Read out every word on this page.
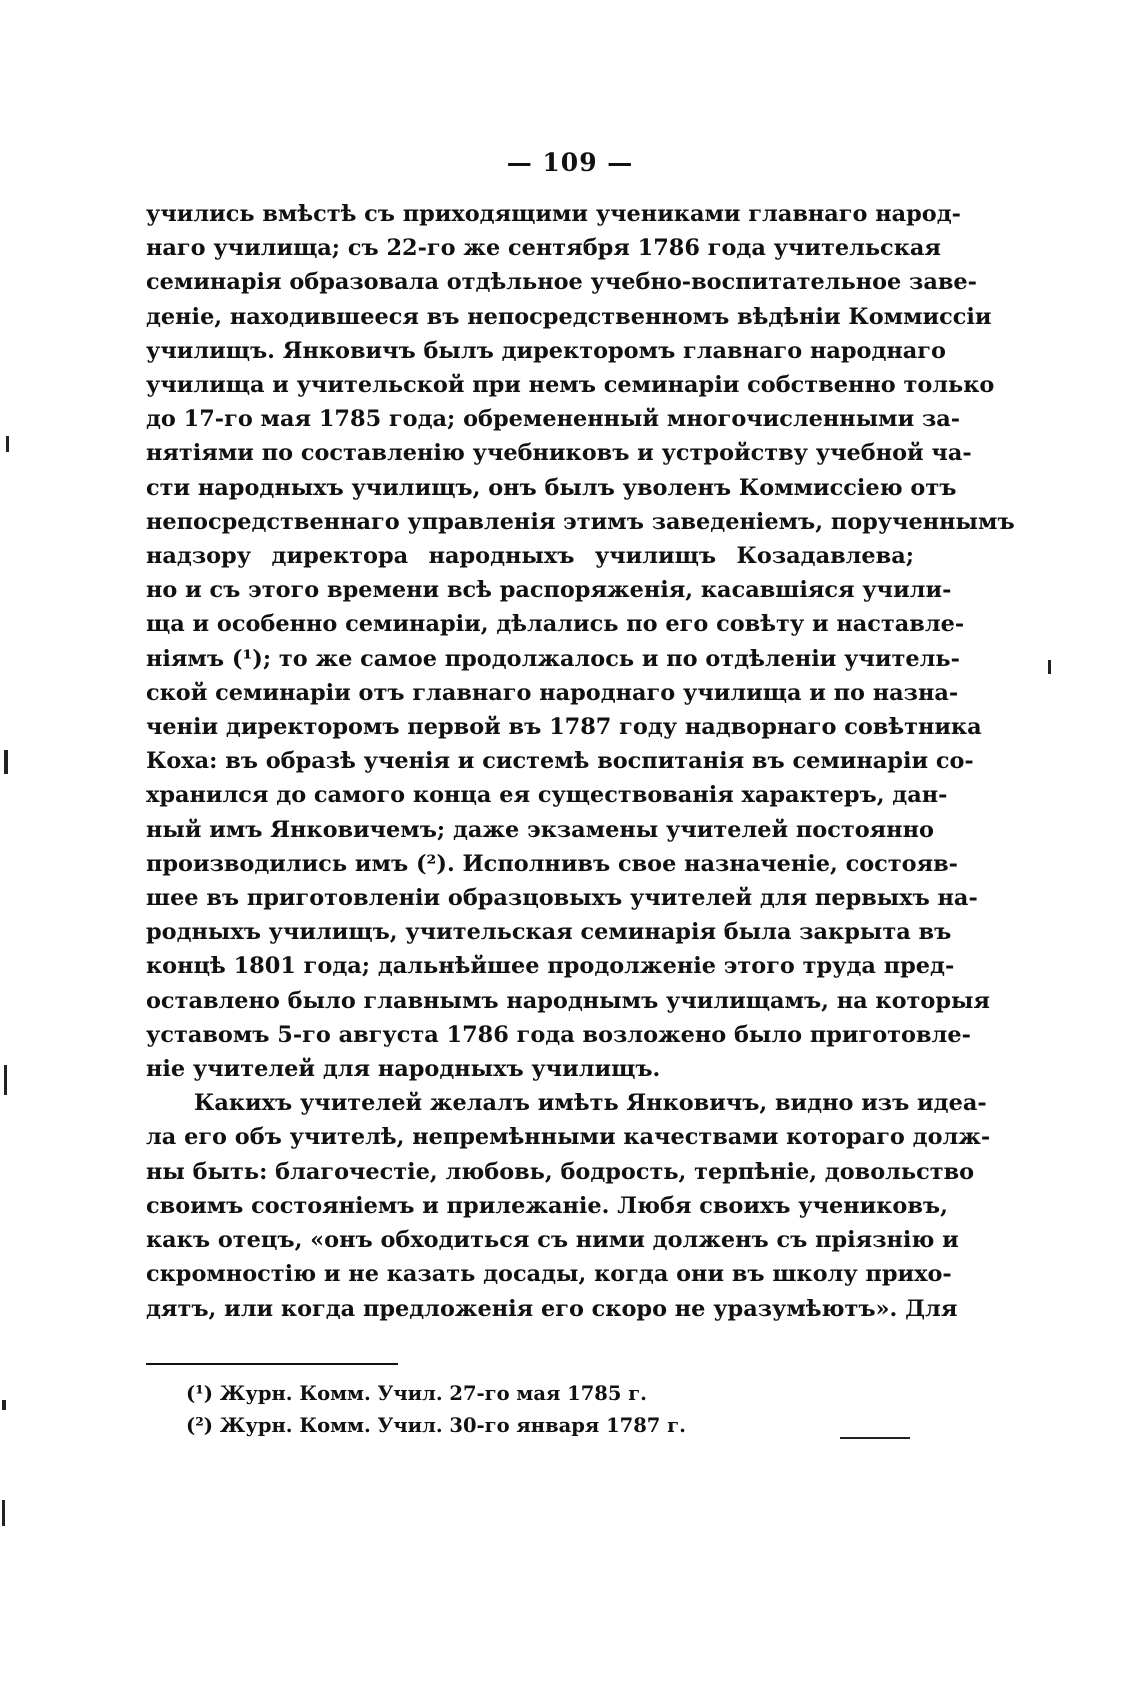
— 109 —
учились вмѣстѣ съ приходящими учениками главнаго народ-
наго училища; съ 22-го же сентября 1786 года учительская
семинарія образовала отдѣльное учебно-воспитательное заве-
деніе, находившееся въ непосредственномъ вѣдѣніи Коммиссіи
училищъ. Янковичъ былъ директоромъ главнаго народнаго
училища и учительской при немъ семинаріи собственно только
до 17-го мая 1785 года; обремененный многочисленными за-
нятіями по составленію учебниковъ и устройству учебной ча-
сти народныхъ училищъ, онъ былъ уволенъ Коммиссіею отъ
непосредственнаго управленія этимъ заведеніемъ, порученнымъ
надзору директора народныхъ училищъ Козадавлева;
но и съ этого времени всѣ распоряженія, касавшіяся учили-
ща и особенно семинаріи, дѣлались по его совѣту и наставле-
ніямъ (¹); то же самое продолжалось и по отдѣленіи учитель-
ской семинаріи отъ главнаго народнаго училища и по назна-
ченіи директоромъ первой въ 1787 году надворнаго совѣтника
Коха: въ образѣ ученія и системѣ воспитанія въ семинаріи со-
хранился до самого конца ея существованія характеръ, дан-
ный имъ Янковичемъ; даже экзамены учителей постоянно
производились имъ (²). Исполнивъ свое назначеніе, состояв-
шее въ приготовленіи образцовыхъ учителей для первыхъ на-
родныхъ училищъ, учительская семинарія была закрыта въ
концѣ 1801 года; дальнѣйшее продолженіе этого труда пред-
оставлено было главнымъ народнымъ училищамъ, на которыя
уставомъ 5-го августа 1786 года возложено было приготовле-
ніе учителей для народныхъ училищъ.
Какихъ учителей желалъ имѣть Янковичъ, видно изъ идеа-
ла его объ учителѣ, непремѣнными качествами котораго долж-
ны быть: благочестіе, любовь, бодрость, терпѣніе, довольство
своимъ состояніемъ и прилежаніе. Любя своихъ учениковъ,
какъ отецъ, «онъ обходиться съ ними долженъ съ пріязнію и
скромностію и не казать досады, когда они въ школу прихо-
дятъ, или когда предложенія его скоро не уразумѣютъ». Для
(¹) Журн. Комм. Учил. 27-го мая 1785 г.
(²) Журн. Комм. Учил. 30-го января 1787 г.
